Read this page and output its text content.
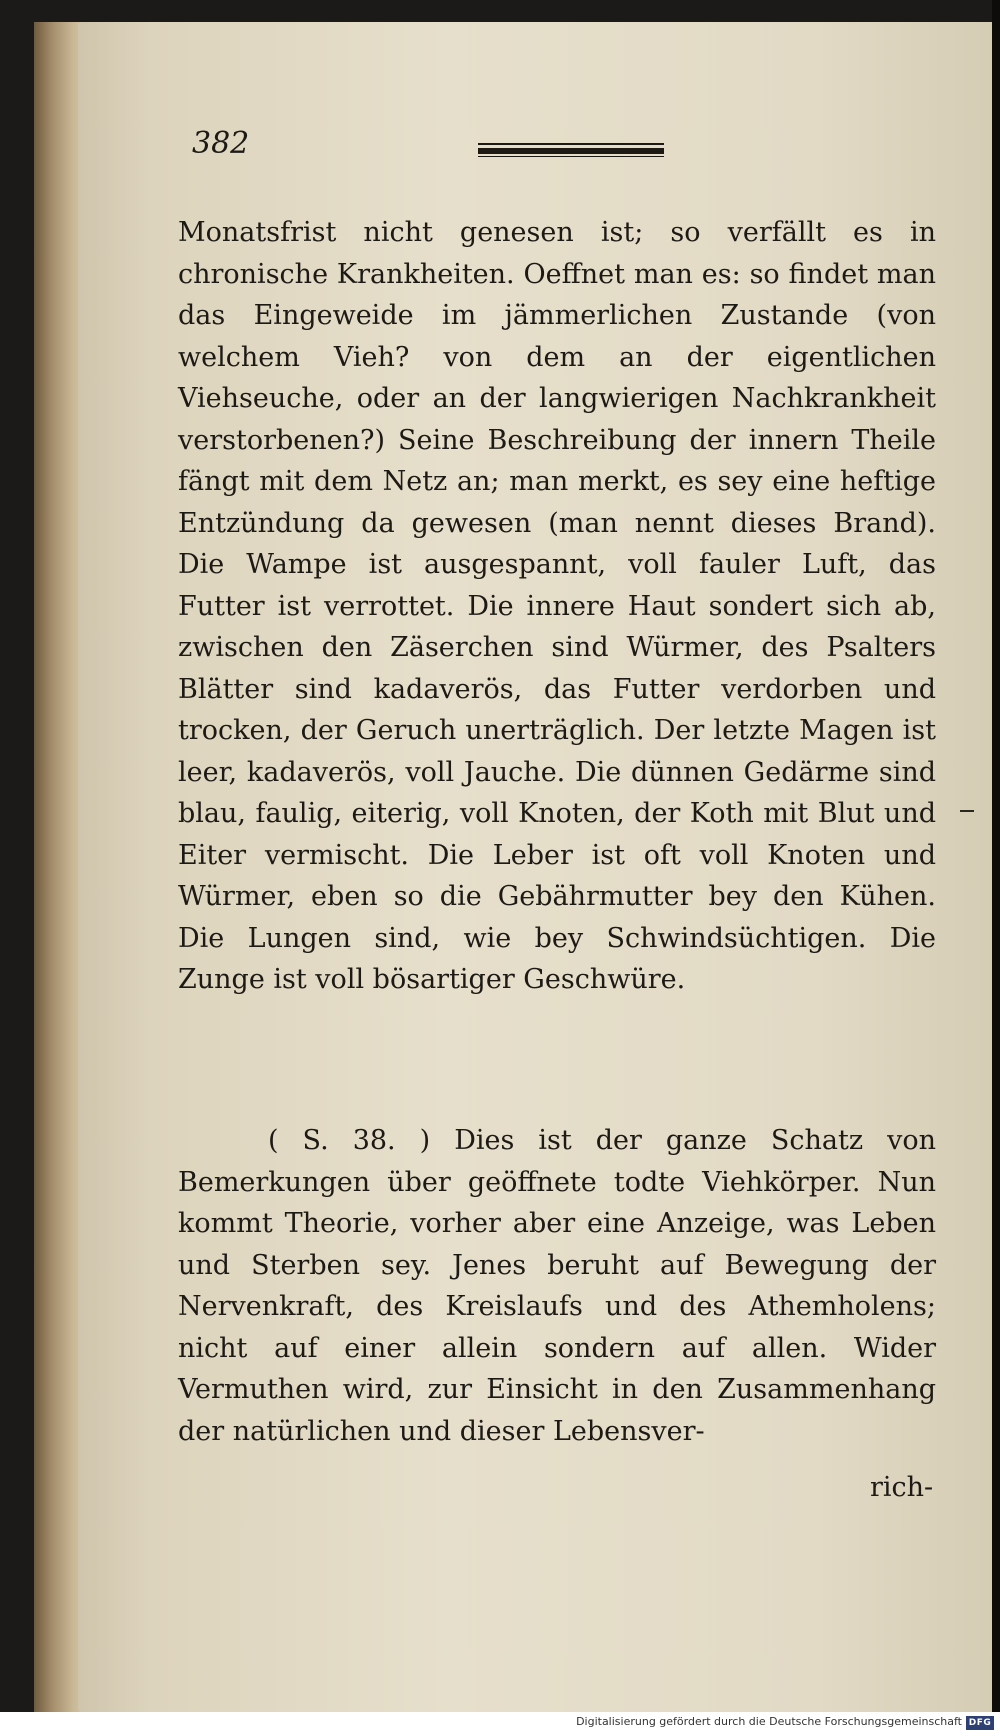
382

Monatsfrist nicht genesen ist; so verfällt es in chronische Krankheiten. Oeffnet man es: so findet man das Eingeweide im jämmerlichen Zustande (von welchem Vieh? von dem an der eigentlichen Viehseuche, oder an der langwierigen Nachkrankheit verstorbenen?) Seine Beschreibung der innern Theile fängt mit dem Netz an; man merkt, es sey eine heftige Entzündung da gewesen (man nennt dieses Brand). Die Wampe ist ausgespannt, voll fauler Luft, das Futter ist verrottet. Die innere Haut sondert sich ab, zwischen den Zäserchen sind Würmer, des Psalters Blätter sind kadaverös, das Futter verdorben und trocken, der Geruch unerträglich. Der letzte Magen ist leer, kadaverös, voll Jauche. Die dünnen Gedärme sind blau, faulig, eiterig, voll Knoten, der Koth mit Blut und Eiter vermischt. Die Leber ist oft voll Knoten und Würmer, eben so die Gebährmutter bey den Kühen. Die Lungen sind, wie bey Schwindsüchtigen. Die Zunge ist voll bösartiger Geschwüre.

( S. 38. ) Dies ist der ganze Schatz von Bemerkungen über geöffnete todte Viehkörper. Nun kommt Theorie, vorher aber eine Anzeige, was Leben und Sterben sey. Jenes beruht auf Bewegung der Nervenkraft, des Kreislaufs und des Athemholens; nicht auf einer allein sondern auf allen. Wider Vermuthen wird, zur Einsicht in den Zusammenhang der natürlichen und dieser Lebensver-

rich-
Digitalisierung gefördert durch die Deutsche Forschungsgemeinschaft DFG
